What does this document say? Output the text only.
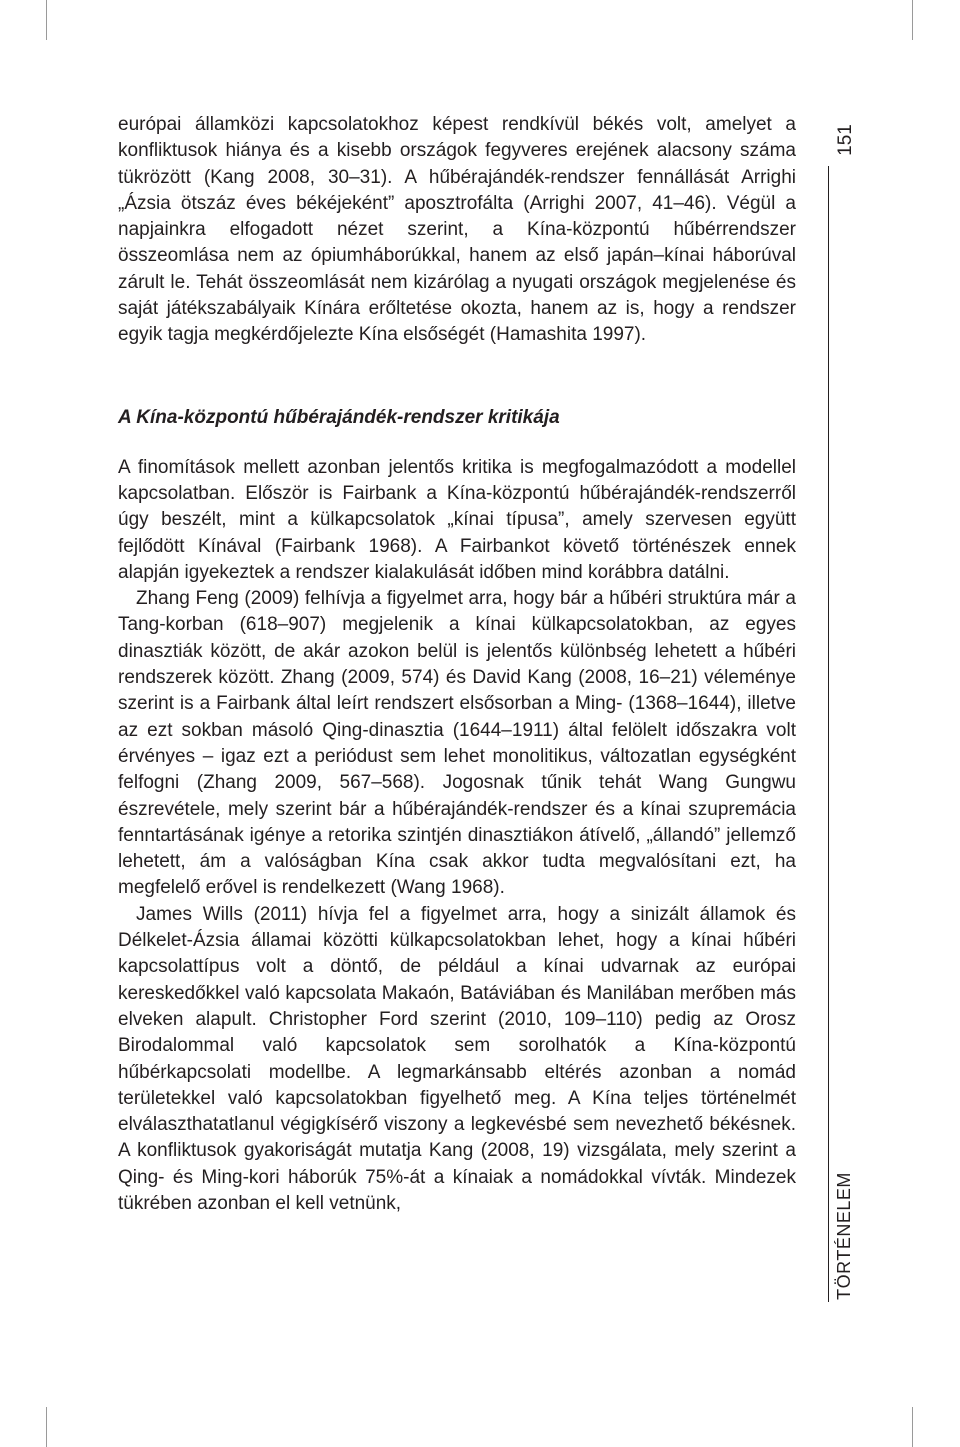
európai államközi kapcsolatokhoz képest rendkívül békés volt, amelyet a konfliktusok hiánya és a kisebb országok fegyveres erejének alacsony száma tükrözött (Kang 2008, 30–31). A hűbérajándék-rendszer fennállását Arrighi „Ázsia ötszáz éves békéjeként” aposztrofálta (Arrighi 2007, 41–46). Végül a napjainkra elfogadott nézet szerint, a Kína-központú hűbérrendszer összeomlása nem az ópiumháborúkkal, hanem az első japán–kínai háborúval zárult le. Tehát összeomlását nem kizárólag a nyugati országok megjelenése és saját játékszabályaik Kínára erőltetése okozta, hanem az is, hogy a rendszer egyik tagja megkérdőjelezte Kína elsőségét (Hamashita 1997).

A Kína-központú hűbérajándék-rendszer kritikája

A finomítások mellett azonban jelentős kritika is megfogalmazódott a modellel kapcsolatban. Először is Fairbank a Kína-központú hűbérajándék-rendszerről úgy beszélt, mint a külkapcsolatok „kínai típusa”, amely szervesen együtt fejlődött Kínával (Fairbank 1968). A Fairbankot követő történészek ennek alapján igyekeztek a rendszer kialakulását időben mind korábbra datálni.

Zhang Feng (2009) felhívja a figyelmet arra, hogy bár a hűbéri struktúra már a Tang-korban (618–907) megjelenik a kínai külkapcsolatokban, az egyes dinasztiák között, de akár azokon belül is jelentős különbség lehetett a hűbéri rendszerek között. Zhang (2009, 574) és David Kang (2008, 16–21) véleménye szerint is a Fairbank által leírt rendszert elsősorban a Ming- (1368–1644), illetve az ezt sokban másoló Qing-dinasztia (1644–1911) által felölelt időszakra volt érvényes – igaz ezt a periódust sem lehet monolitikus, változatlan egységként felfogni (Zhang 2009, 567–568). Jogosnak tűnik tehát Wang Gungwu észrevétele, mely szerint bár a hűbérajándék-rendszer és a kínai szupremácia fenntartásának igénye a retorika szintjén dinasztiákon átívelő, „állandó” jellemző lehetett, ám a valóságban Kína csak akkor tudta megvalósítani ezt, ha megfelelő erővel is rendelkezett (Wang 1968).

James Wills (2011) hívja fel a figyelmet arra, hogy a sinizált államok és Délkelet-Ázsia államai közötti külkapcsolatokban lehet, hogy a kínai hűbéri kapcsolattípus volt a döntő, de például a kínai udvarnak az európai kereskedőkkel való kapcsolata Makaón, Batáviában és Manilában merőben más elveken alapult. Christopher Ford szerint (2010, 109–110) pedig az Orosz Birodalommal való kapcsolatok sem sorolhatók a Kína-központú hűbérkapcsolati modellbe. A legmarkánsabb eltérés azonban a nomád területekkel való kapcsolatokban figyelhető meg. A Kína teljes történelmét elválaszthatatlanul végigkísérő viszony a legkevésbé sem nevezhető békésnek. A konfliktusok gyakoriságát mutatja Kang (2008, 19) vizsgálata, mely szerint a Qing- és Ming-kori háborúk 75%-át a kínaiak a nomádokkal vívták. Mindezek tükrében azonban el kell vetnünk,

151
TÖRTÉNELEM
